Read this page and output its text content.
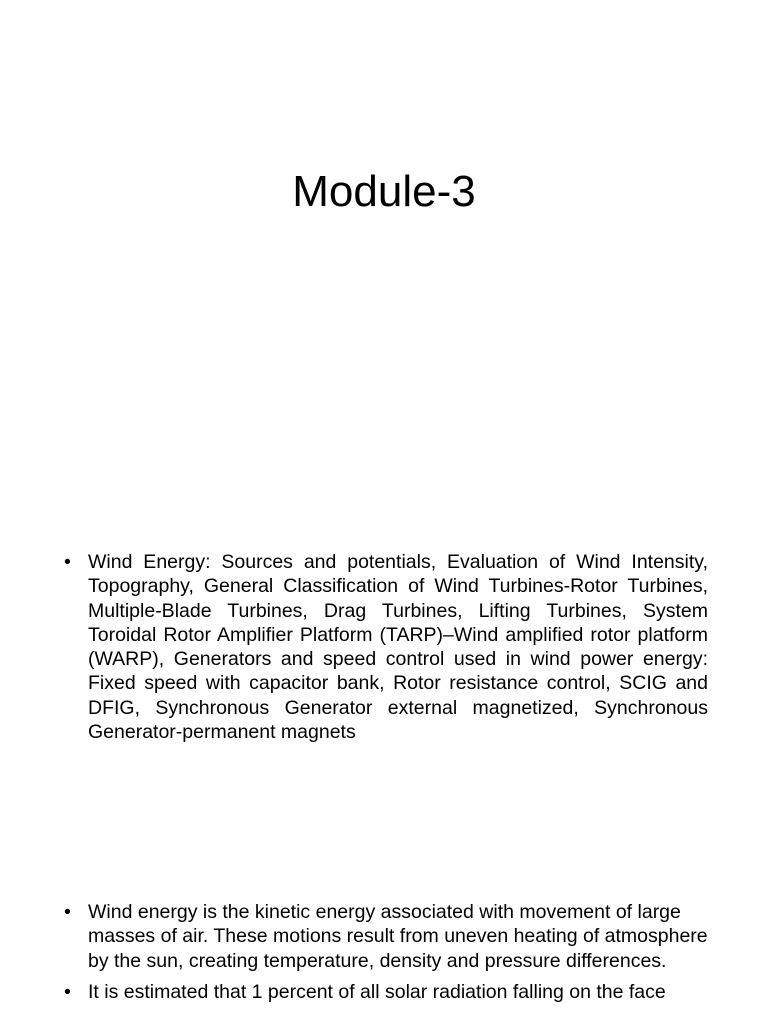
Module-3
• Wind Energy: Sources and potentials, Evaluation of Wind Intensity, Topography, General Classification of Wind Turbines-Rotor Turbines, Multiple-Blade Turbines, Drag Turbines, Lifting Turbines, System Toroidal Rotor Amplifier Platform (TARP)–Wind amplified rotor platform (WARP), Generators and speed control used in wind power energy: Fixed speed with capacitor bank, Rotor resistance control, SCIG and DFIG, Synchronous Generator external magnetized, Synchronous Generator-permanent magnets
• Wind energy is the kinetic energy associated with movement of large masses of air. These motions result from uneven heating of atmosphere by the sun, creating temperature, density and pressure differences.
• It is estimated that 1 percent of all solar radiation falling on the face
